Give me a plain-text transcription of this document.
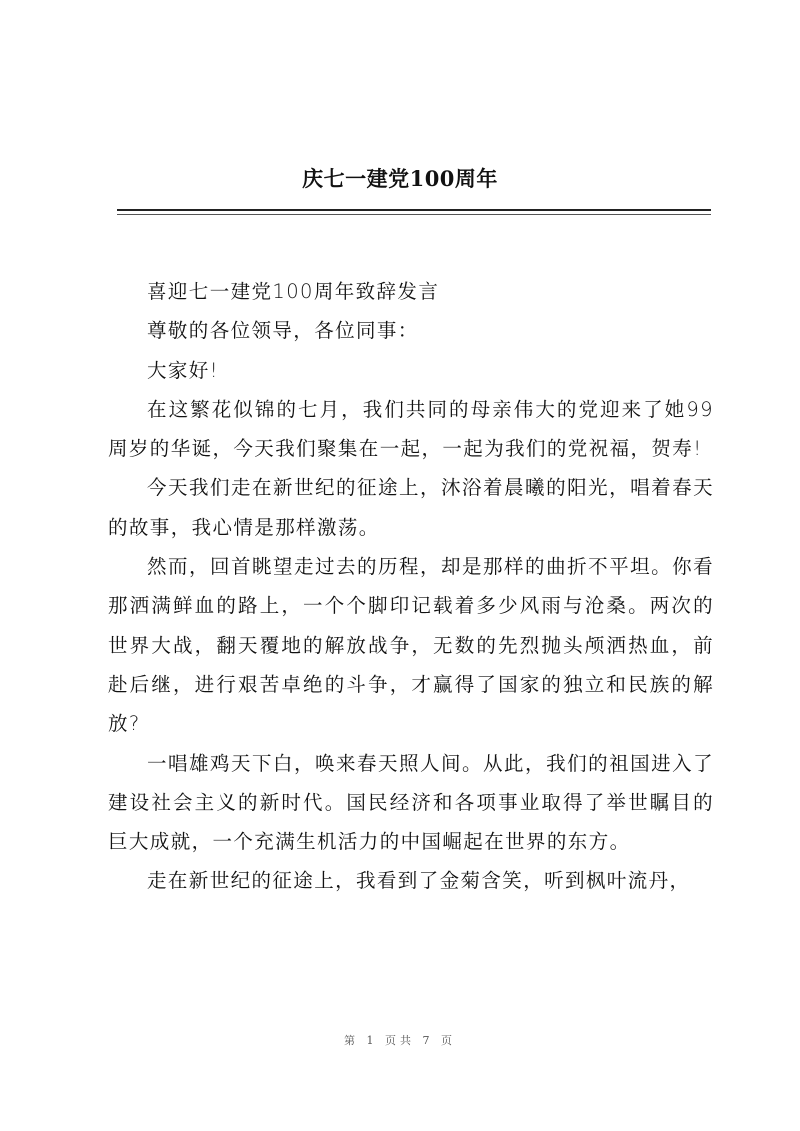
庆七一建党100周年

喜迎七一建党100周年致辞发言

尊敬的各位领导，各位同事：

大家好!

在这繁花似锦的七月，我们共同的母亲伟大的党迎来了她99周岁的华诞，今天我们聚集在一起，一起为我们的党祝福，贺寿!

今天我们走在新世纪的征途上，沐浴着晨曦的阳光，唱着春天的故事，我心情是那样激荡。

然而，回首眺望走过去的历程，却是那样的曲折不平坦。你看那洒满鲜血的路上，一个个脚印记载着多少风雨与沧桑。两次的世界大战，翻天覆地的解放战争，无数的先烈抛头颅洒热血，前赴后继，进行艰苦卓绝的斗争，才赢得了国家的独立和民族的解放?

一唱雄鸡天下白，唤来春天照人间。从此，我们的祖国进入了建设社会主义的新时代。国民经济和各项事业取得了举世瞩目的巨大成就，一个充满生机活力的中国崛起在世界的东方。

走在新世纪的征途上，我看到了金菊含笑，听到枫叶流丹，

第 1 页共 7 页
